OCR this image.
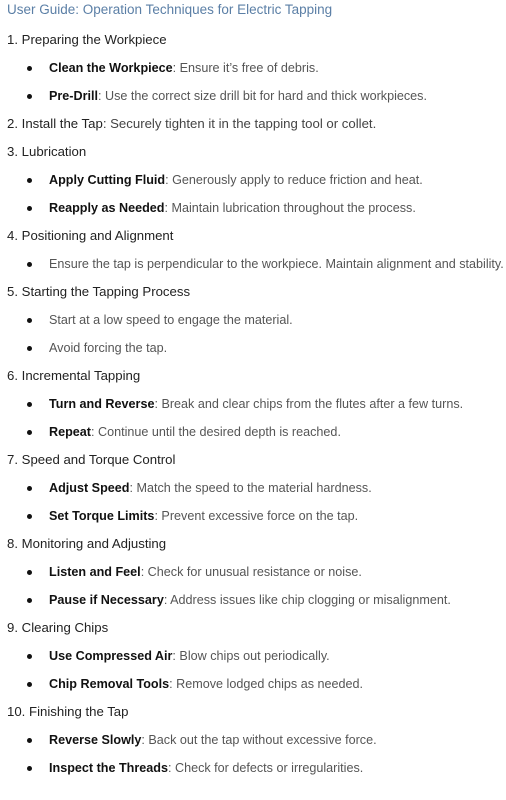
User Guide: Operation Techniques for Electric Tapping
1. Preparing the Workpiece
Clean the Workpiece: Ensure it’s free of debris.
Pre-Drill: Use the correct size drill bit for hard and thick workpieces.
2. Install the Tap: Securely tighten it in the tapping tool or collet.
3. Lubrication
Apply Cutting Fluid: Generously apply to reduce friction and heat.
Reapply as Needed: Maintain lubrication throughout the process.
4. Positioning and Alignment
Ensure the tap is perpendicular to the workpiece. Maintain alignment and stability.
5. Starting the Tapping Process
Start at a low speed to engage the material.
Avoid forcing the tap.
6. Incremental Tapping
Turn and Reverse: Break and clear chips from the flutes after a few turns.
Repeat: Continue until the desired depth is reached.
7. Speed and Torque Control
Adjust Speed: Match the speed to the material hardness.
Set Torque Limits: Prevent excessive force on the tap.
8. Monitoring and Adjusting
Listen and Feel: Check for unusual resistance or noise.
Pause if Necessary: Address issues like chip clogging or misalignment.
9. Clearing Chips
Use Compressed Air: Blow chips out periodically.
Chip Removal Tools: Remove lodged chips as needed.
10. Finishing the Tap
Reverse Slowly: Back out the tap without excessive force.
Inspect the Threads: Check for defects or irregularities.
